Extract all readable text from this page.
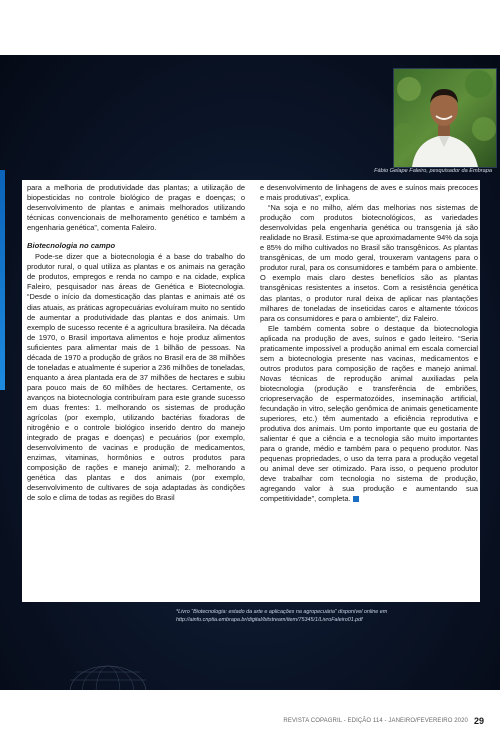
Fábio Gelape Faleiro, pesquisador da Embrapa

para a melhoria de produtividade das plantas; a utilização de biopesticidas no controle biológico de pragas e doenças; o desenvolvimento de plantas e animais melhorados utilizando técnicas convencionais de melhoramento genético e também a engenharia genética”, comenta Faleiro.

Biotecnologia no campo

Pode-se dizer que a biotecnologia é a base do trabalho do produtor rural, o qual utiliza as plantas e os animais na geração de produtos, empregos e renda no campo e na cidade, explica Faleiro, pesquisador nas áreas de Genética e Biotecnologia. “Desde o início da domesticação das plantas e animais até os dias atuais, as práticas agropecuárias evoluíram muito no sentido de aumentar a produtividade das plantas e dos animais. Um exemplo de sucesso recente é a agricultura brasileira. Na década de 1970, o Brasil importava alimentos e hoje produz alimentos suficientes para alimentar mais de 1 bilhão de pessoas. Na década de 1970 a produção de grãos no Brasil era de 38 milhões de toneladas e atualmente é superior a 236 milhões de toneladas, enquanto a área plantada era de 37 milhões de hectares e subiu para pouco mais de 60 milhões de hectares. Certamente, os avanços na biotecnologia contribuíram para este grande sucesso em duas frentes: 1. melhorando os sistemas de produção agrícolas (por exemplo, utilizando bactérias fixadoras de nitrogênio e o controle biológico inserido dentro do manejo integrado de pragas e doenças) e pecuários (por exemplo, desenvolvimento de vacinas e produção de medicamentos, enzimas, vitaminas, hormônios e outros produtos para composição de rações e manejo animal); 2. melhorando a genética das plantas e dos animais (por exemplo, desenvolvimento de cultivares de soja adaptadas às condições de solo e clima de todas as regiões do Brasil

e desenvolvimento de linhagens de aves e suínos mais precoces e mais produtivas”, explica.

“Na soja e no milho, além das melhorias nos sistemas de produção com produtos biotecnológicos, as variedades desenvolvidas pela engenharia genética ou transgenia já são realidade no Brasil. Estima-se que aproximadamente 94% da soja e 85% do milho cultivados no Brasil são transgênicos. As plantas transgênicas, de um modo geral, trouxeram vantagens para o produtor rural, para os consumidores e também para o ambiente. O exemplo mais claro destes benefícios são as plantas transgênicas resistentes a insetos. Com a resistência genética das plantas, o produtor rural deixa de aplicar nas plantações milhares de toneladas de inseticidas caros e altamente tóxicos para os consumidores e para o ambiente”, diz Faleiro.

Ele também comenta sobre o destaque da biotecnologia aplicada na produção de aves, suínos e gado leiteiro. “Seria praticamente impossível a produção animal em escala comercial sem a biotecnologia presente nas vacinas, medicamentos e outros produtos para composição de rações e manejo animal. Novas técnicas de reprodução animal auxiliadas pela biotecnologia (produção e transferência de embriões, criopreservação de espermatozóides, inseminação artificial, fecundação in vitro, seleção genômica de animais geneticamente superiores, etc.) têm aumentado a eficiência reprodutiva e produtiva dos animais. Um ponto importante que eu gostaria de salientar é que a ciência e a tecnologia são muito importantes para o grande, médio e também para o pequeno produtor. Nas pequenas propriedades, o uso da terra para a produção vegetal ou animal deve ser otimizado. Para isso, o pequeno produtor deve trabalhar com tecnologia no sistema de produção, agregando valor à sua produção e aumentando sua competitividade”, completa.

*Livro “Biotecnologia: estado da arte e aplicações na agropecuária” disponível online em http://ainfo.cnptia.embrapa.br/digital/bitstream/item/75345/1/LivroFaleiro01.pdf
REVISTA COPAGRIL - EDIÇÃO 114 - JANEIRO/FEVEREIRO 2020 29
